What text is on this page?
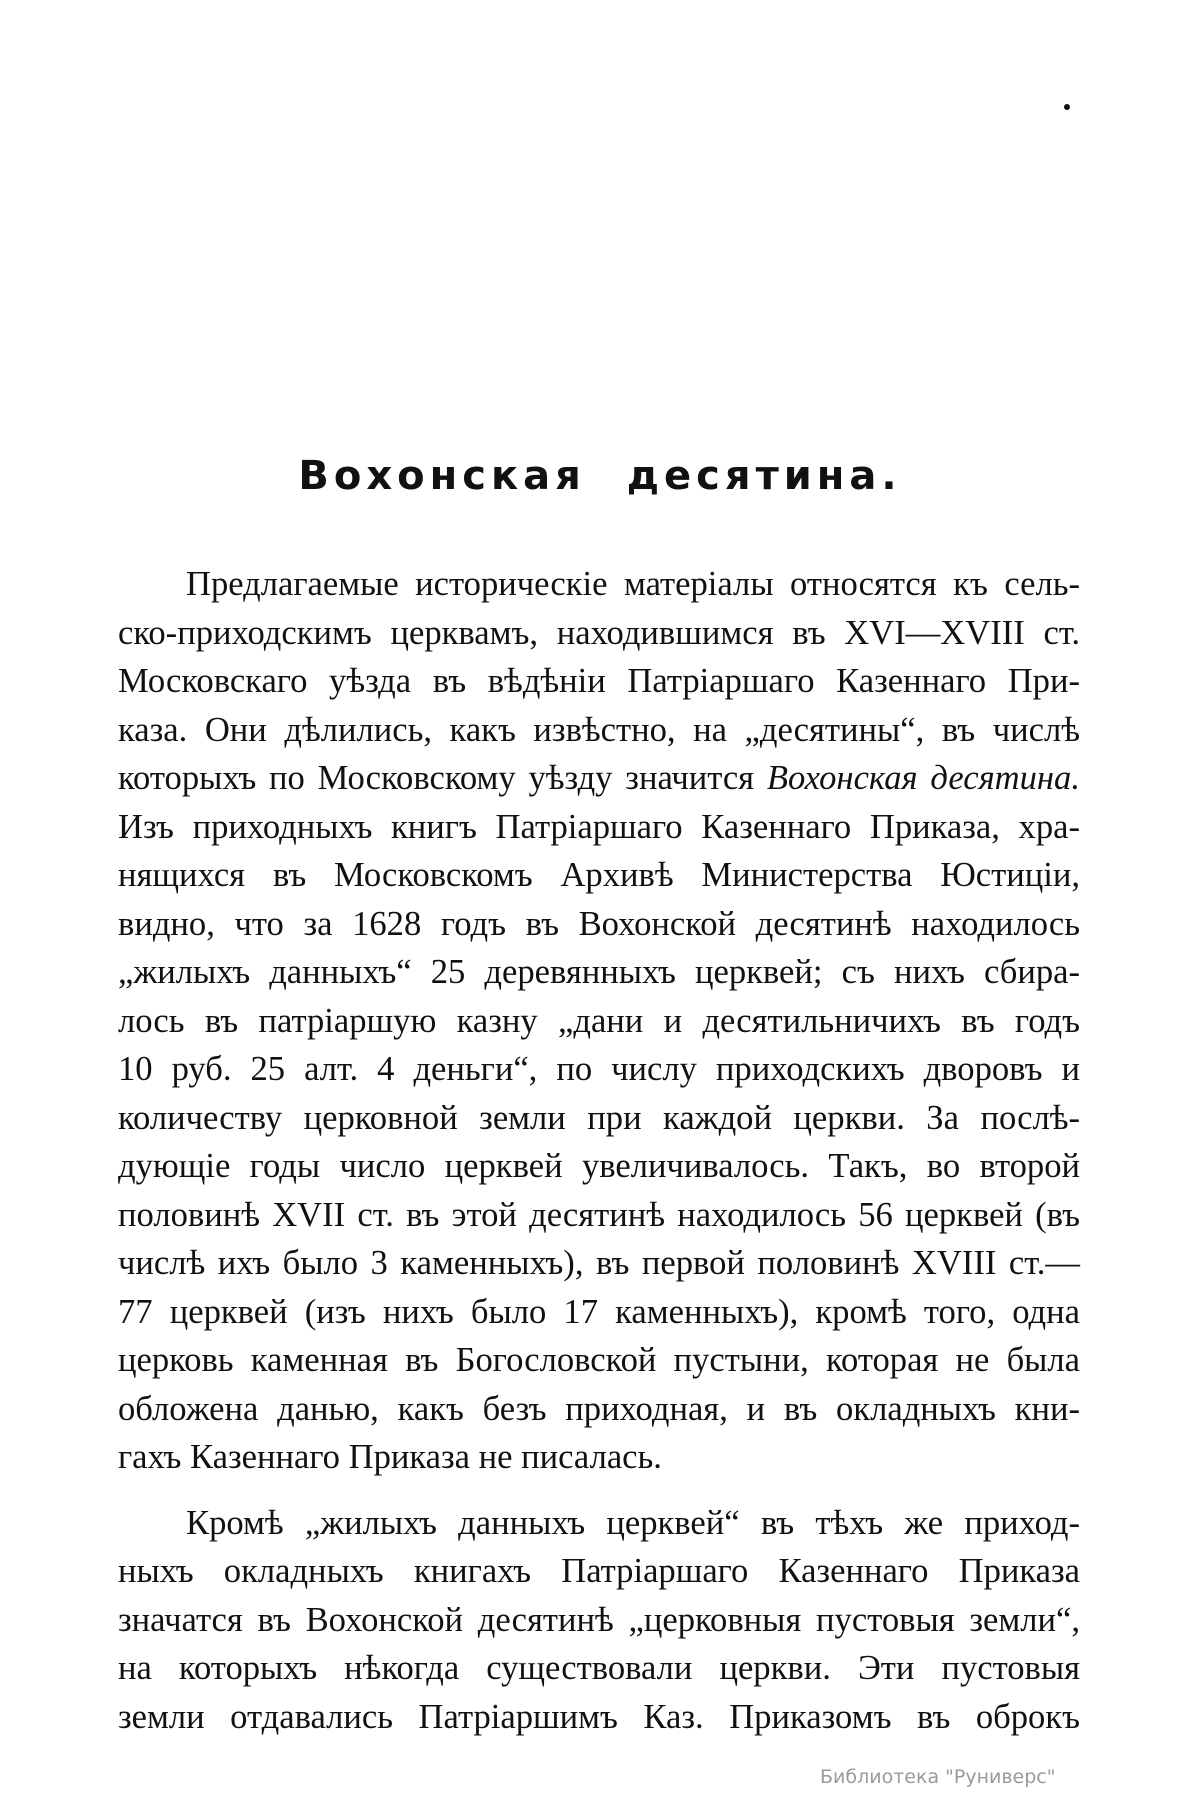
Вохонская десятина.
Предлагаемые историческіе матеріалы относятся къ сель-
ско-приходскимъ церквамъ, находившимся въ XVI—XVIII ст.
Московскаго уѣзда въ вѣдѣніи Патріаршаго Казеннаго При-
каза. Они дѣлились, какъ извѣстно, на „десятины“, въ числѣ
которыхъ по Московскому уѣзду значится Вохонская десятина.
Изъ приходныхъ книгъ Патріаршаго Казеннаго Приказа, хра-
нящихся въ Московскомъ Архивѣ Министерства Юстиціи,
видно, что за 1628 годъ въ Вохонской десятинѣ находилось
„жилыхъ данныхъ“ 25 деревянныхъ церквей; съ нихъ сбира-
лось въ патріаршую казну „дани и десятильничихъ въ годъ
10 руб. 25 алт. 4 деньги“, по числу приходскихъ дворовъ и
количеству церковной земли при каждой церкви. За послѣ-
дующіе годы число церквей увеличивалось. Такъ, во второй
половинѣ XVII ст. въ этой десятинѣ находилось 56 церквей (въ
числѣ ихъ было 3 каменныхъ), въ первой половинѣ XVIII ст.—
77 церквей (изъ нихъ было 17 каменныхъ), кромѣ того, одна
церковь каменная въ Богословской пустыни, которая не была
обложена данью, какъ безъ приходная, и въ окладныхъ кни-
гахъ Казеннаго Приказа не писалась.
Кромѣ „жилыхъ данныхъ церквей“ въ тѣхъ же приход-
ныхъ окладныхъ книгахъ Патріаршаго Казеннаго Приказа
значатся въ Вохонской десятинѣ „церковныя пустовыя земли“,
на которыхъ нѣкогда существовали церкви. Эти пустовыя
земли отдавались Патріаршимъ Каз. Приказомъ въ оброкъ
Библиотека "Руниверс"
